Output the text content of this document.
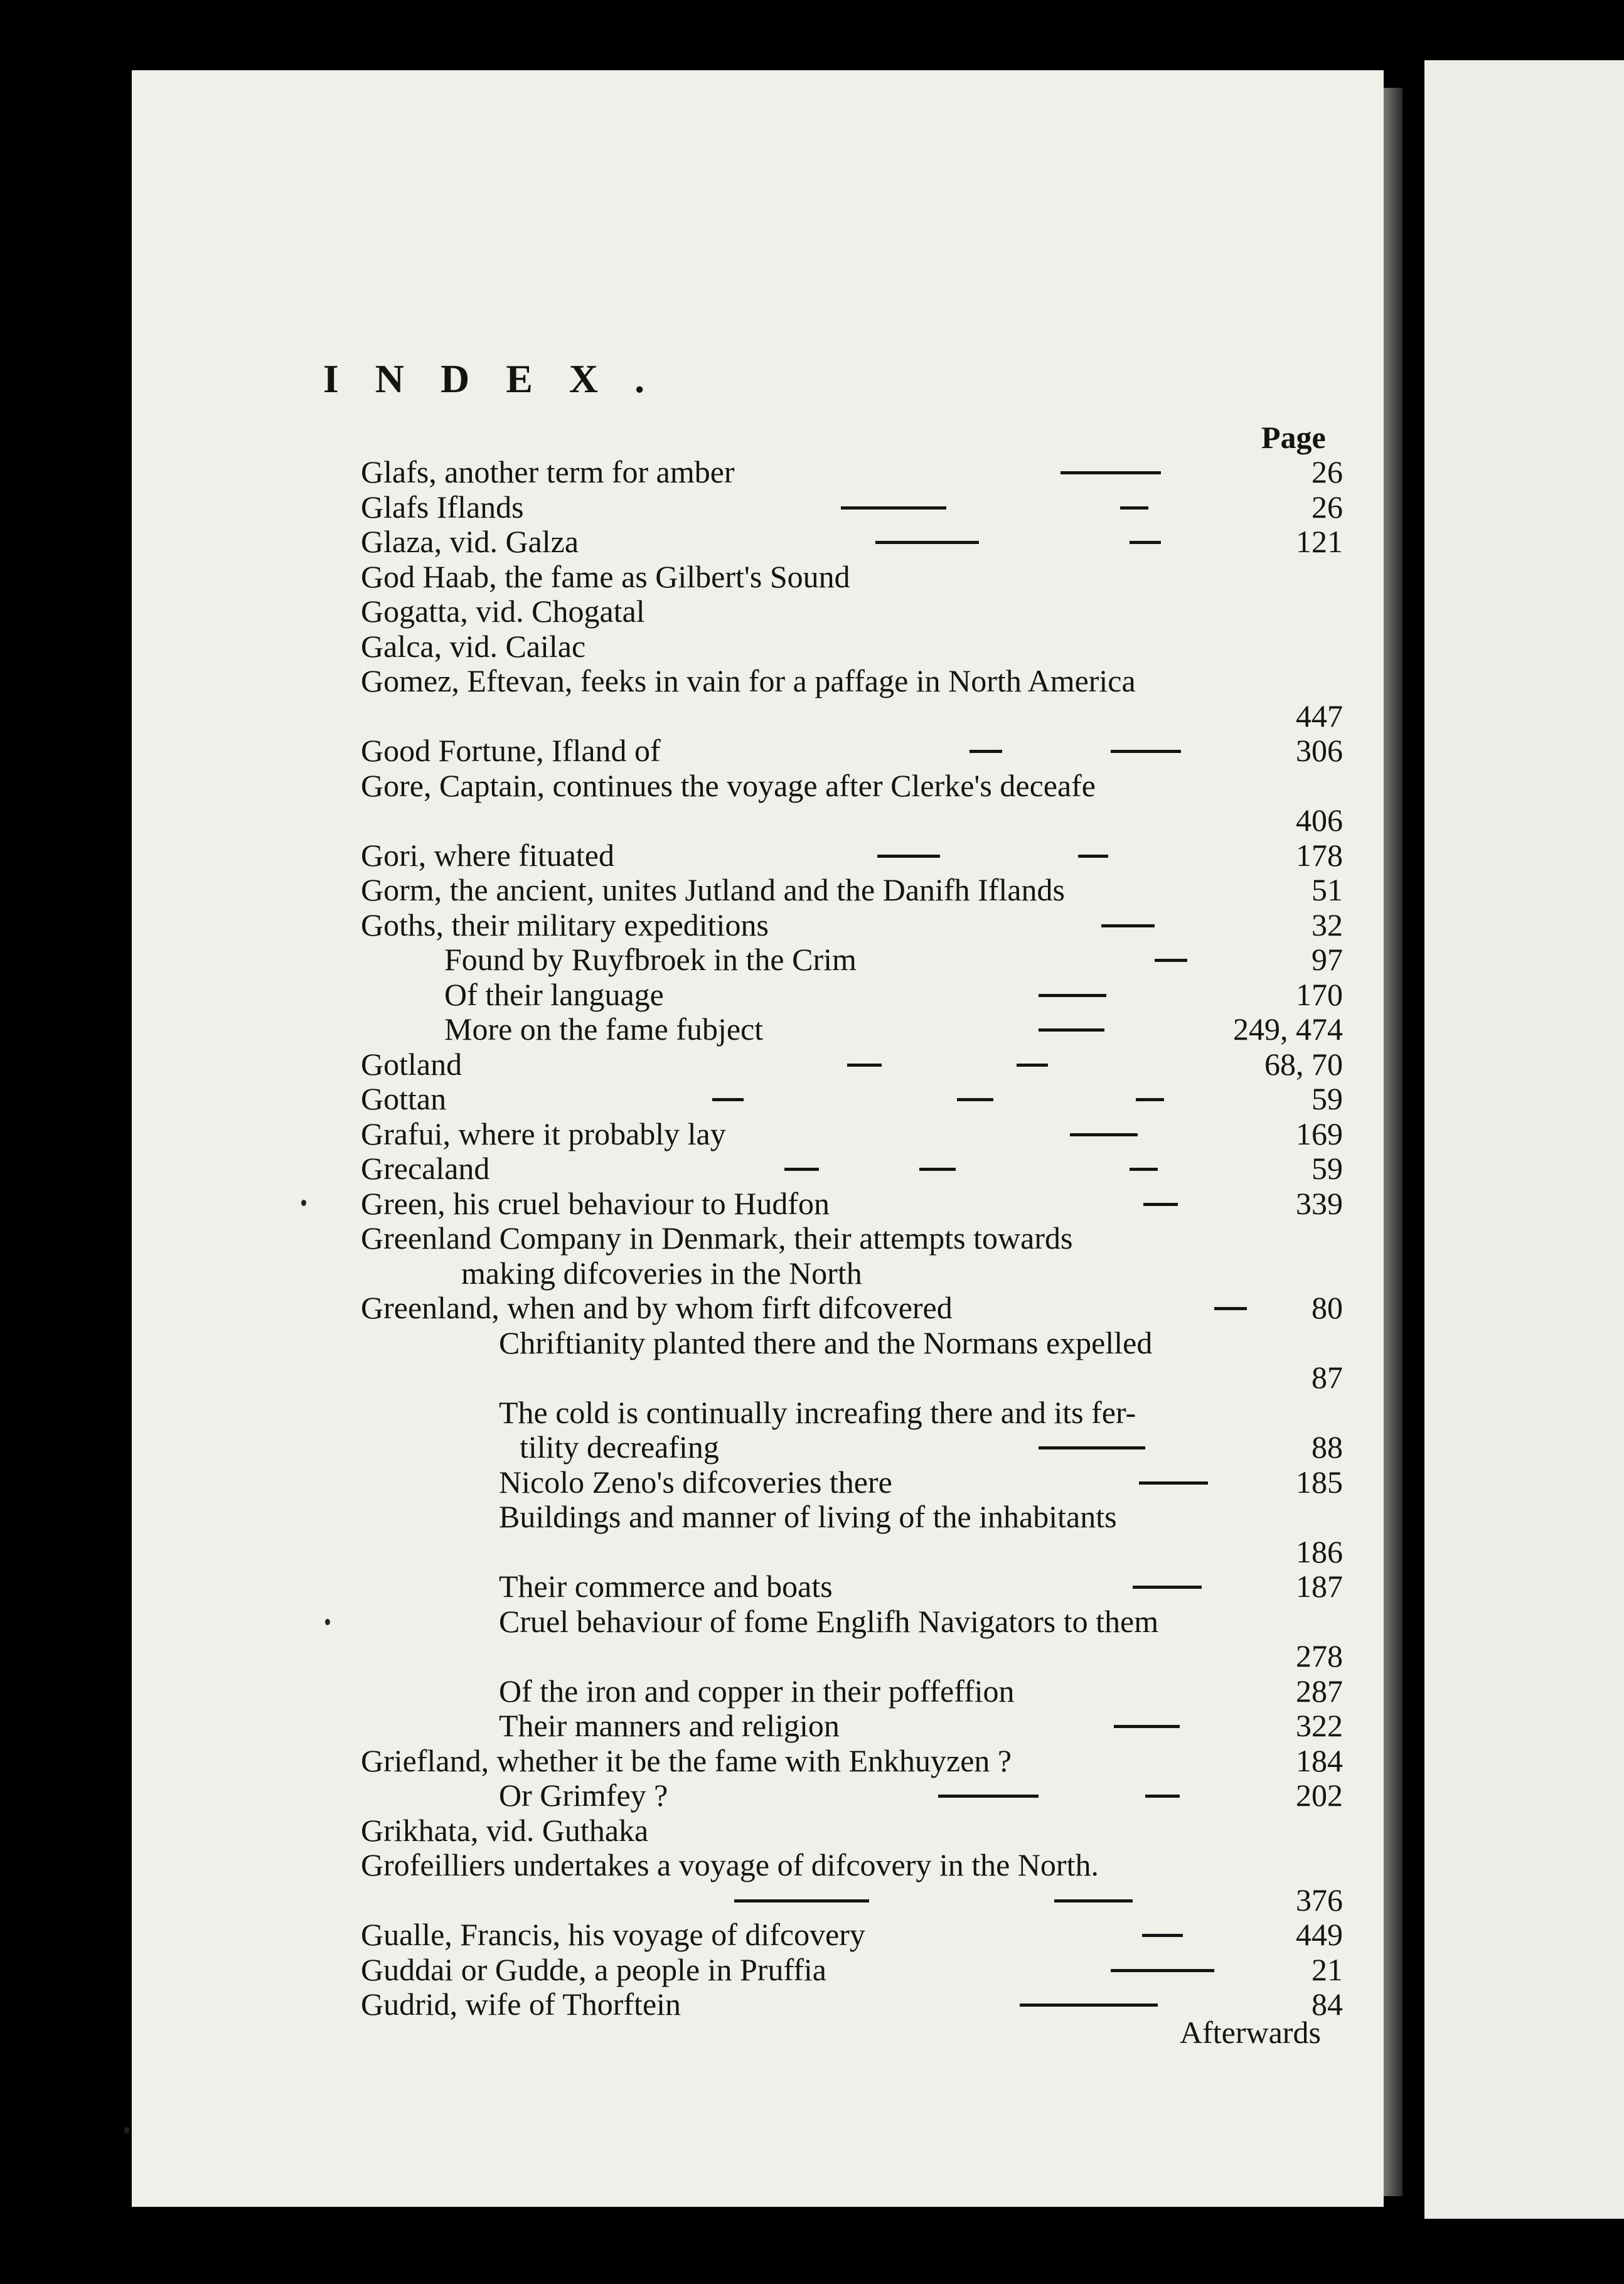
INDEX.
Page
Glafs, another term for amber	26
Glafs Iflands	26
Glaza, vid. Galza	121
God Haab, the fame as Gilbert's Sound
Gogatta, vid. Chogatal
Galca, vid. Cailac
Gomez, Eftevan, feeks in vain for a paffage in North America
447
Good Fortune, Ifland of	306
Gore, Captain, continues the voyage after Clerke's deceafe
406
Gori, where fituated	178
Gorm, the ancient, unites Jutland and the Danifh Iflands	51
Goths, their military expeditions	32
Found by Ruyfbroek in the Crim	97
Of their language	170
More on the fame fubject	249, 474
Gotland	68, 70
Gottan	59
Grafui, where it probably lay	169
Grecaland	59
Green, his cruel behaviour to Hudfon	339
Greenland Company in Denmark, their attempts towards
making difcoveries in the North
Greenland, when and by whom firft difcovered	80
Chriftianity planted there and the Normans expelled
87
The cold is continually increafing there and its fer-
tility decreafing	88
Nicolo Zeno's difcoveries there	185
Buildings and manner of living of the inhabitants
186
Their commerce and boats	187
Cruel behaviour of fome Englifh Navigators to them
278
Of the iron and copper in their poffeffion	287
Their manners and religion	322
Griefland, whether it be the fame with Enkhuyzen ?	184
Or Grimfey ?	202
Grikhata, vid. Guthaka
Grofeilliers undertakes a voyage of difcovery in the North.
376
Gualle, Francis, his voyage of difcovery	449
Guddai or Gudde, a people in Pruffia	21
Gudrid, wife of Thorftein	84
Afterwards
